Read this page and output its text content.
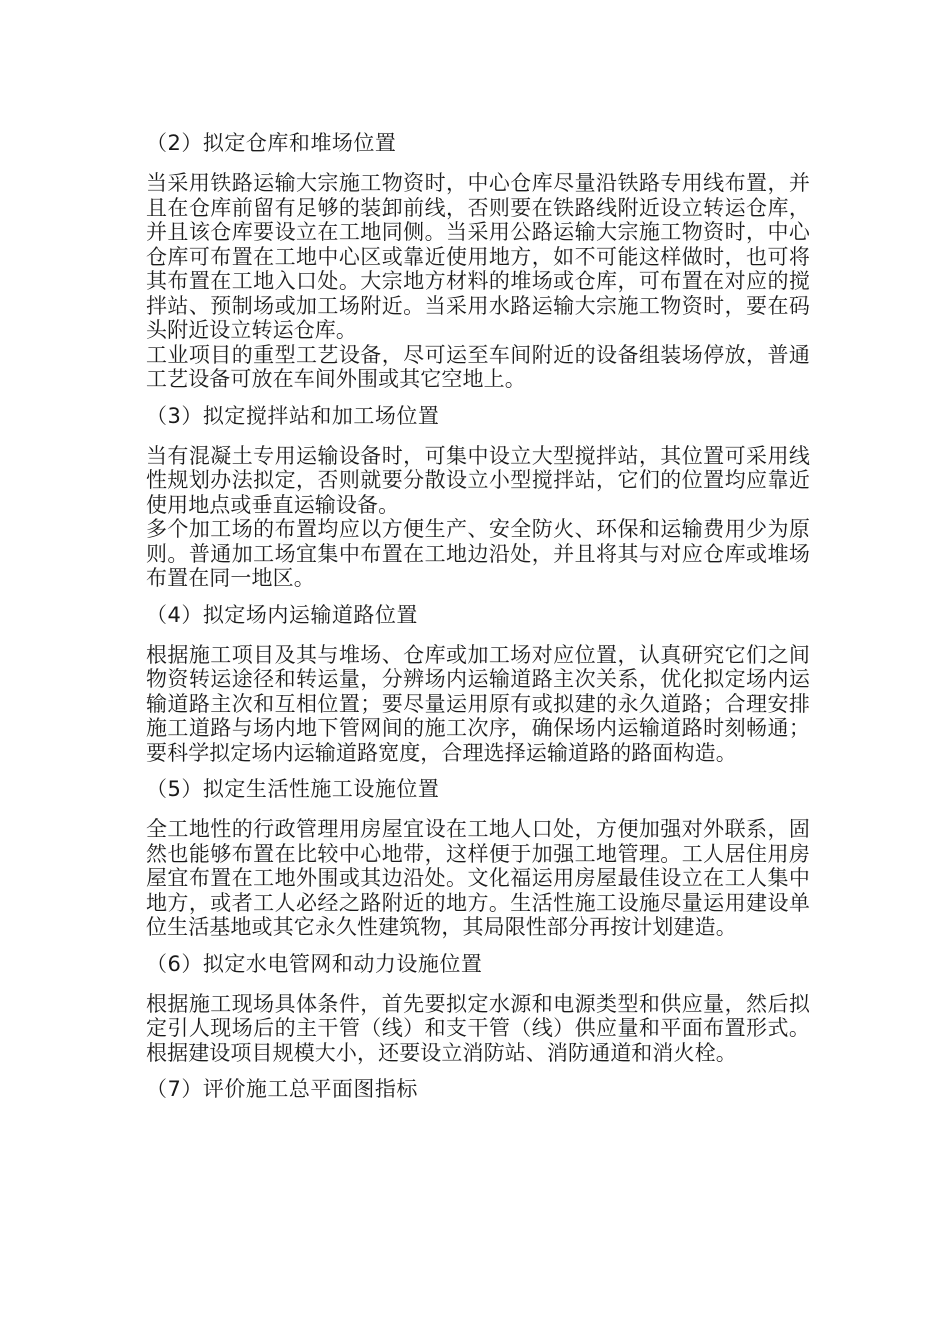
（2）拟定仓库和堆场位置

当采用铁路运输大宗施工物资时，中心仓库尽量沿铁路专用线布置，并且在仓库前留有足够的装卸前线，否则要在铁路线附近设立转运仓库，并且该仓库要设立在工地同侧。当采用公路运输大宗施工物资时，中心仓库可布置在工地中心区或靠近使用地方，如不可能这样做时，也可将其布置在工地入口处。大宗地方材料的堆场或仓库，可布置在对应的搅拌站、预制场或加工场附近。当采用水路运输大宗施工物资时，要在码头附近设立转运仓库。

工业项目的重型工艺设备，尽可运至车间附近的设备组装场停放，普通工艺设备可放在车间外围或其它空地上。

（3）拟定搅拌站和加工场位置

当有混凝土专用运输设备时，可集中设立大型搅拌站，其位置可采用线性规划办法拟定，否则就要分散设立小型搅拌站，它们的位置均应靠近使用地点或垂直运输设备。

多个加工场的布置均应以方便生产、安全防火、环保和运输费用少为原则。普通加工场宜集中布置在工地边沿处，并且将其与对应仓库或堆场布置在同一地区。

（4）拟定场内运输道路位置

根据施工项目及其与堆场、仓库或加工场对应位置，认真研究它们之间物资转运途径和转运量，分辨场内运输道路主次关系，优化拟定场内运输道路主次和互相位置；要尽量运用原有或拟建的永久道路；合理安排施工道路与场内地下管网间的施工次序，确保场内运输道路时刻畅通；要科学拟定场内运输道路宽度，合理选择运输道路的路面构造。

（5）拟定生活性施工设施位置

全工地性的行政管理用房屋宜设在工地人口处，方便加强对外联系，固然也能够布置在比较中心地带，这样便于加强工地管理。工人居住用房屋宜布置在工地外围或其边沿处。文化福运用房屋最佳设立在工人集中地方，或者工人必经之路附近的地方。生活性施工设施尽量运用建设单位生活基地或其它永久性建筑物，其局限性部分再按计划建造。

（6）拟定水电管网和动力设施位置

根据施工现场具体条件，首先要拟定水源和电源类型和供应量，然后拟定引人现场后的主干管（线）和支干管（线）供应量和平面布置形式。根据建设项目规模大小，还要设立消防站、消防通道和消火栓。

（7）评价施工总平面图指标
